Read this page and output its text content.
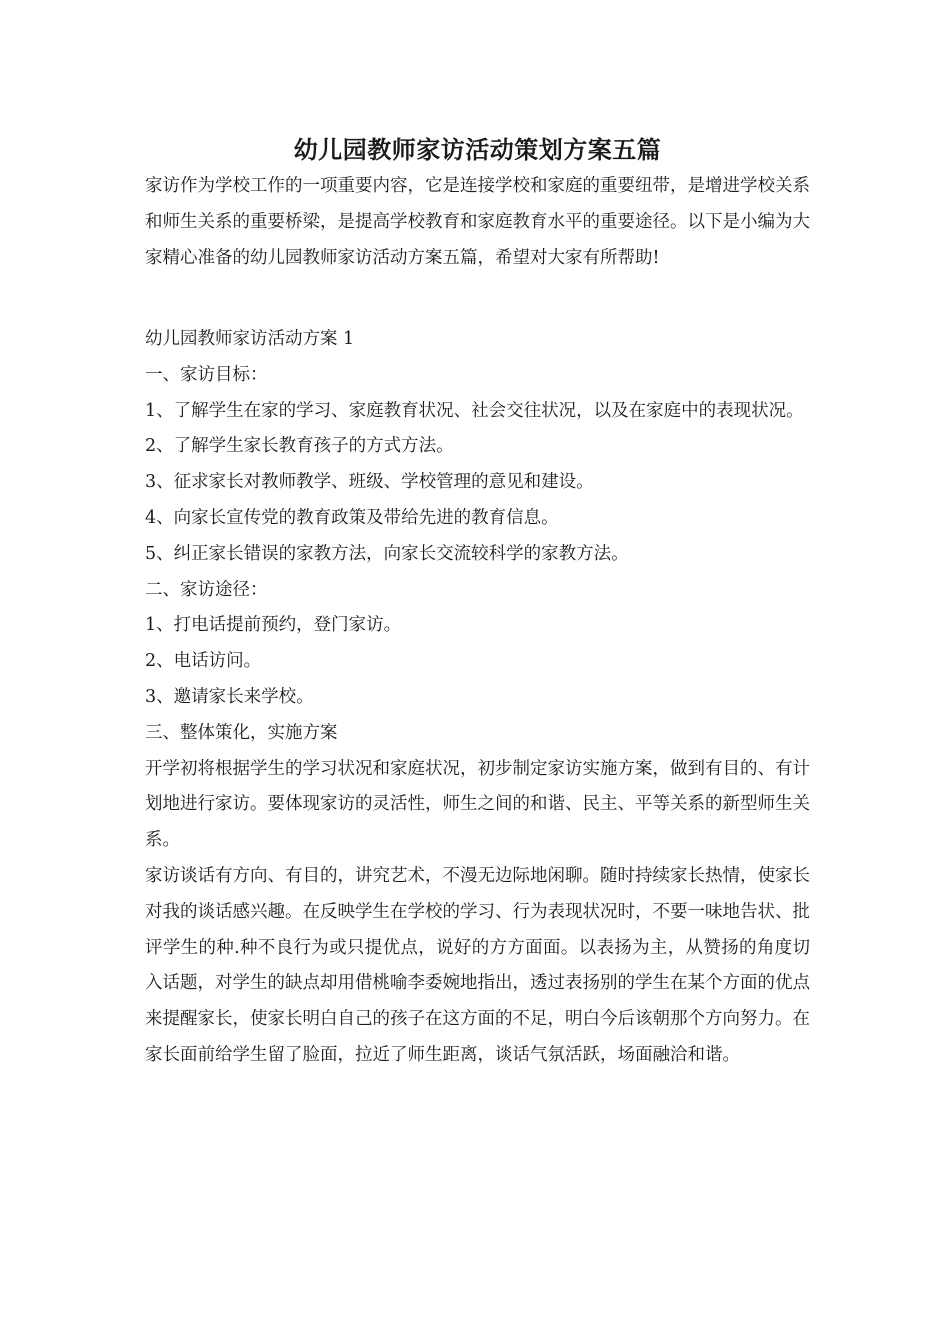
幼儿园教师家访活动策划方案五篇

家访作为学校工作的一项重要内容，它是连接学校和家庭的重要纽带，是增进学校关系和师生关系的重要桥梁，是提高学校教育和家庭教育水平的重要途径。以下是小编为大家精心准备的幼儿园教师家访活动方案五篇，希望对大家有所帮助!

幼儿园教师家访活动方案 1

一、家访目标：

1、了解学生在家的学习、家庭教育状况、社会交往状况，以及在家庭中的表现状况。

2、了解学生家长教育孩子的方式方法。

3、征求家长对教师教学、班级、学校管理的意见和建设。

4、向家长宣传党的教育政策及带给先进的教育信息。

5、纠正家长错误的家教方法，向家长交流较科学的家教方法。

二、家访途径：

1、打电话提前预约，登门家访。

2、电话访问。

3、邀请家长来学校。

三、整体策化，实施方案

开学初将根据学生的学习状况和家庭状况，初步制定家访实施方案，做到有目的、有计划地进行家访。要体现家访的灵活性，师生之间的和谐、民主、平等关系的新型师生关系。

家访谈话有方向、有目的，讲究艺术，不漫无边际地闲聊。随时持续家长热情，使家长对我的谈话感兴趣。在反映学生在学校的学习、行为表现状况时，不要一味地告状、批评学生的种.种不良行为或只提优点，说好的方方面面。以表扬为主，从赞扬的角度切入话题，对学生的缺点却用借桃喻李委婉地指出，透过表扬别的学生在某个方面的优点来提醒家长，使家长明白自己的孩子在这方面的不足，明白今后该朝那个方向努力。在家长面前给学生留了脸面，拉近了师生距离，谈话气氛活跃，场面融洽和谐。
